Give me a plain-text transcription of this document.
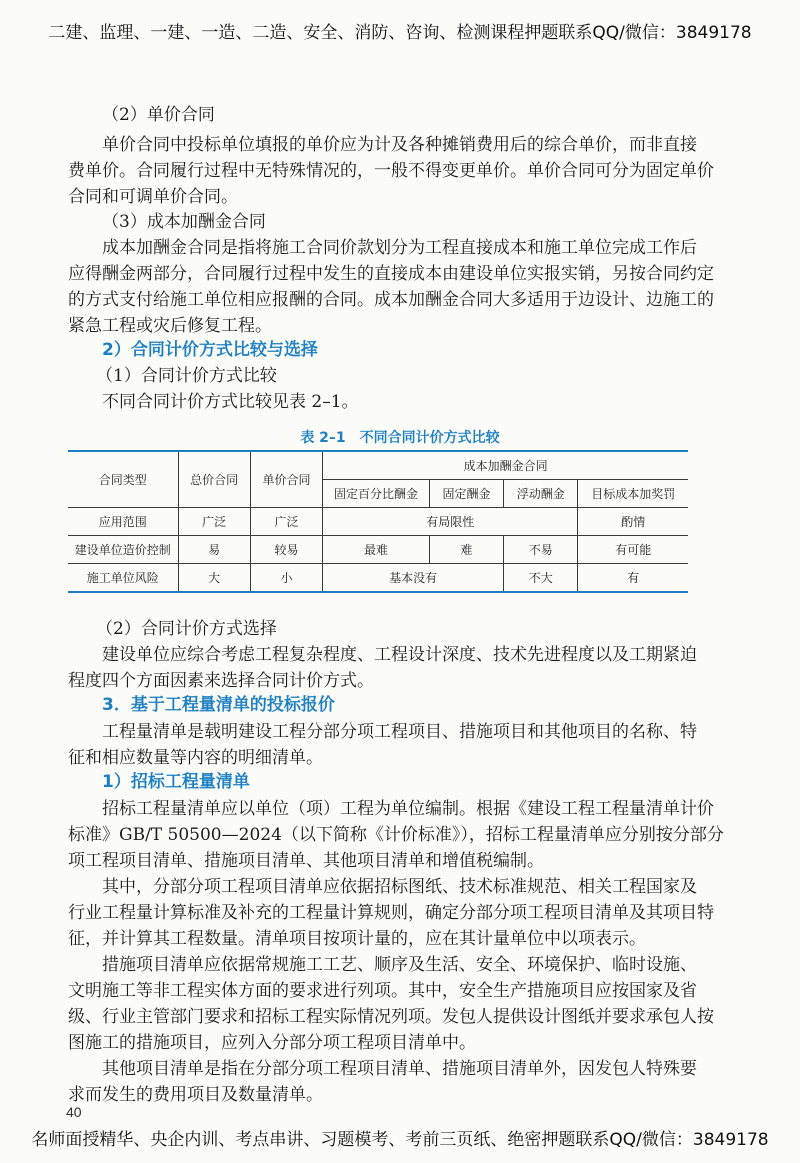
二建、监理、一建、一造、二造、安全、消防、咨询、检测课程押题联系QQ/微信：3849178
（2）单价合同
单价合同中投标单位填报的单价应为计及各种摊销费用后的综合单价，而非直接
费单价。合同履行过程中无特殊情况的，一般不得变更单价。单价合同可分为固定单价
合同和可调单价合同。
（3）成本加酬金合同
成本加酬金合同是指将施工合同价款划分为工程直接成本和施工单位完成工作后
应得酬金两部分，合同履行过程中发生的直接成本由建设单位实报实销，另按合同约定
的方式支付给施工单位相应报酬的合同。成本加酬金合同大多适用于边设计、边施工的
紧急工程或灾后修复工程。
2）合同计价方式比较与选择
（1）合同计价方式比较
不同合同计价方式比较见表 2–1。
表 2–1　不同合同计价方式比较
合同类型	总价合同	单价合同	成本加酬金合同			
			固定百分比酬金	固定酬金	浮动酬金	目标成本加奖罚
应用范围	广泛	广泛	有局限性			酌情
建设单位造价控制	易	较易	最难	难	不易	有可能
施工单位风险	大	小	基本没有		不大	有
（2）合同计价方式选择
建设单位应综合考虑工程复杂程度、工程设计深度、技术先进程度以及工期紧迫
程度四个方面因素来选择合同计价方式。
3．基于工程量清单的投标报价
工程量清单是载明建设工程分部分项工程项目、措施项目和其他项目的名称、特
征和相应数量等内容的明细清单。
1）招标工程量清单
招标工程量清单应以单位（项）工程为单位编制。根据《建设工程工程量清单计价
标准》GB/T 50500—2024（以下简称《计价标准》），招标工程量清单应分别按分部分
项工程项目清单、措施项目清单、其他项目清单和增值税编制。
其中，分部分项工程项目清单应依据招标图纸、技术标准规范、相关工程国家及
行业工程量计算标准及补充的工程量计算规则，确定分部分项工程项目清单及其项目特
征，并计算其工程数量。清单项目按项计量的，应在其计量单位中以项表示。
措施项目清单应依据常规施工工艺、顺序及生活、安全、环境保护、临时设施、
文明施工等非工程实体方面的要求进行列项。其中，安全生产措施项目应按国家及省
级、行业主管部门要求和招标工程实际情况列项。发包人提供设计图纸并要求承包人按
图施工的措施项目，应列入分部分项工程项目清单中。
其他项目清单是指在分部分项工程项目清单、措施项目清单外，因发包人特殊要
求而发生的费用项目及数量清单。
40
名师面授精华、央企内训、考点串讲、习题模考、考前三页纸、绝密押题联系QQ/微信：3849178
